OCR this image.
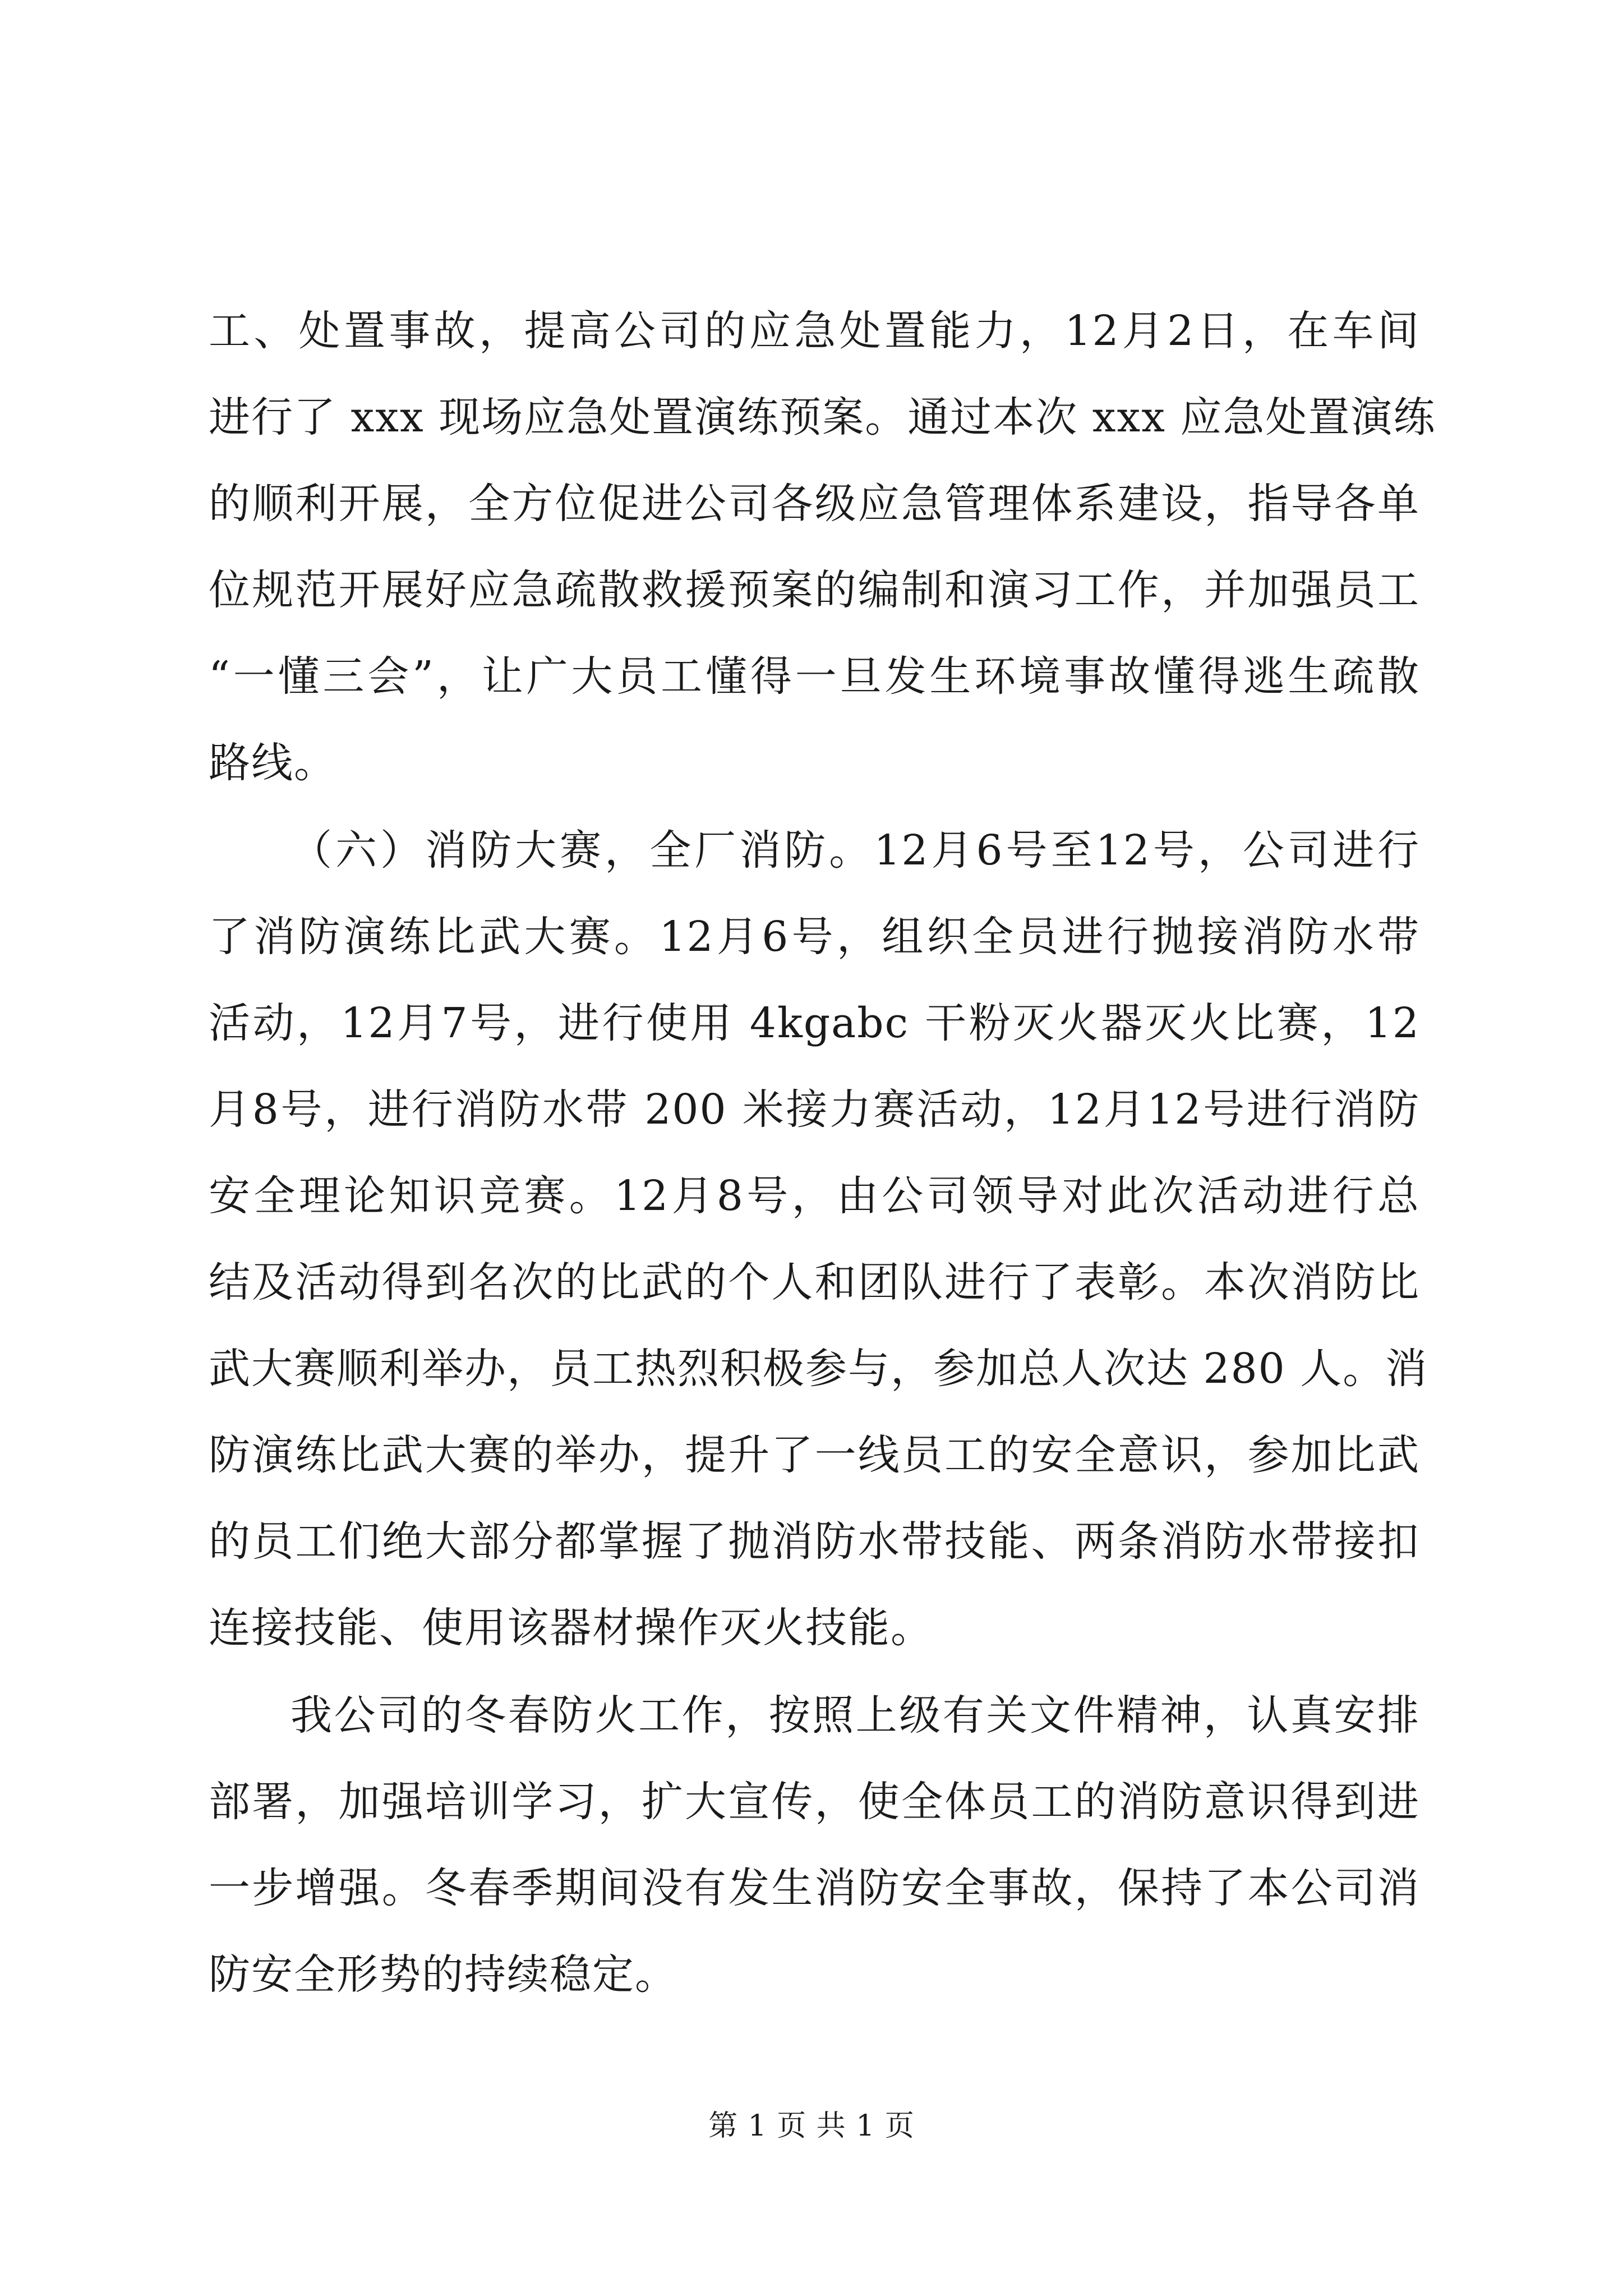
工、处置事故，提高公司的应急处置能力，12月2日，在车间
进行了 xxx 现场应急处置演练预案。通过本次 xxx 应急处置演练
的顺利开展，全方位促进公司各级应急管理体系建设，指导各单
位规范开展好应急疏散救援预案的编制和演习工作，并加强员工
“一懂三会”，让广大员工懂得一旦发生环境事故懂得逃生疏散
路线。
（六）消防大赛，全厂消防。12月6号至12号，公司进行
了消防演练比武大赛。12月6号，组织全员进行抛接消防水带
活动，12月7号，进行使用 4kgabc 干粉灭火器灭火比赛，12
月8号，进行消防水带 200 米接力赛活动，12月12号进行消防
安全理论知识竞赛。12月8号，由公司领导对此次活动进行总
结及活动得到名次的比武的个人和团队进行了表彰。本次消防比
武大赛顺利举办，员工热烈积极参与，参加总人次达 280 人。消
防演练比武大赛的举办，提升了一线员工的安全意识，参加比武
的员工们绝大部分都掌握了抛消防水带技能、两条消防水带接扣
连接技能、使用该器材操作灭火技能。
我公司的冬春防火工作，按照上级有关文件精神，认真安排
部署，加强培训学习，扩大宣传，使全体员工的消防意识得到进
一步增强。冬春季期间没有发生消防安全事故，保持了本公司消
防安全形势的持续稳定。
第 1 页 共 1 页
